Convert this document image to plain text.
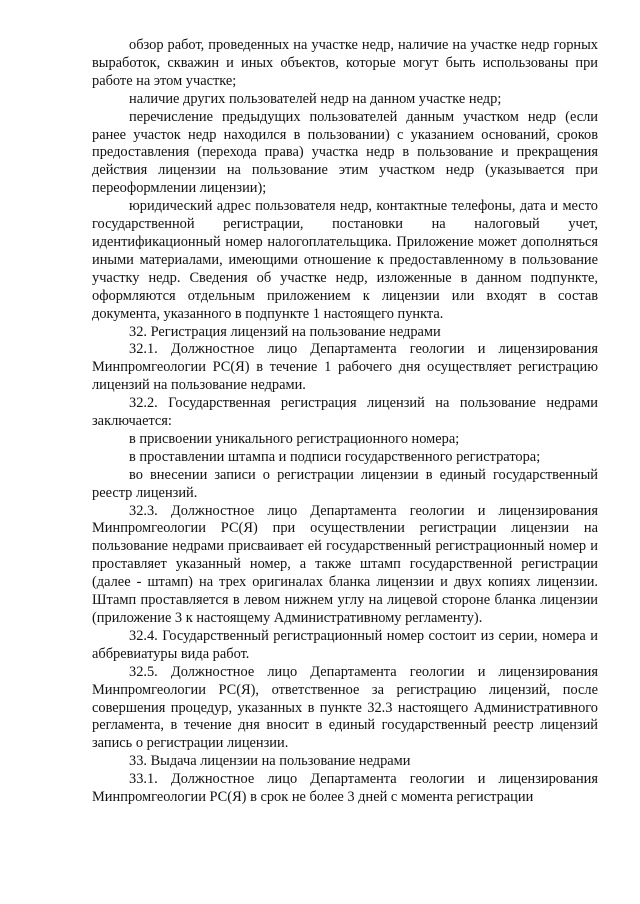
обзор работ, проведенных на участке недр, наличие на участке недр горных выработок, скважин и иных объектов, которые могут быть использованы при работе на этом участке;

наличие других пользователей недр на данном участке недр;

перечисление предыдущих пользователей данным участком недр (если ранее участок недр находился в пользовании) с указанием оснований, сроков предоставления (перехода права) участка недр в пользование и прекращения действия лицензии на пользование этим участком недр (указывается при переоформлении лицензии);

юридический адрес пользователя недр, контактные телефоны, дата и место государственной регистрации, постановки на налоговый учет, идентификационный номер налогоплательщика. Приложение может дополняться иными материалами, имеющими отношение к предоставленному в пользование участку недр. Сведения об участке недр, изложенные в данном подпункте, оформляются отдельным приложением к лицензии или входят в состав документа, указанного в подпункте 1 настоящего пункта.

32. Регистрация лицензий на пользование недрами

32.1. Должностное лицо Департамента геологии и лицензирования Минпромгеологии РС(Я) в течение 1 рабочего дня осуществляет регистрацию лицензий на пользование недрами.

32.2. Государственная регистрация лицензий на пользование недрами заключается:

в присвоении уникального регистрационного номера;

в проставлении штампа и подписи государственного регистратора;

во внесении записи о регистрации лицензии в единый государственный реестр лицензий.

32.3. Должностное лицо Департамента геологии и лицензирования Минпромгеологии РС(Я) при осуществлении регистрации лицензии на пользование недрами присваивает ей государственный регистрационный номер и проставляет указанный номер, а также штамп государственной регистрации (далее - штамп) на трех оригиналах бланка лицензии и двух копиях лицензии. Штамп проставляется в левом нижнем углу на лицевой стороне бланка лицензии (приложение 3 к настоящему Административному регламенту).

32.4. Государственный регистрационный номер состоит из серии, номера и аббревиатуры вида работ.

32.5. Должностное лицо Департамента геологии и лицензирования Минпромгеологии РС(Я), ответственное за регистрацию лицензий, после совершения процедур, указанных в пункте 32.3 настоящего Административного регламента, в течение дня вносит в единый государственный реестр лицензий запись о регистрации лицензии.

33. Выдача лицензии на пользование недрами

33.1. Должностное лицо Департамента геологии и лицензирования Минпромгеологии РС(Я) в срок не более 3 дней с момента регистрации
